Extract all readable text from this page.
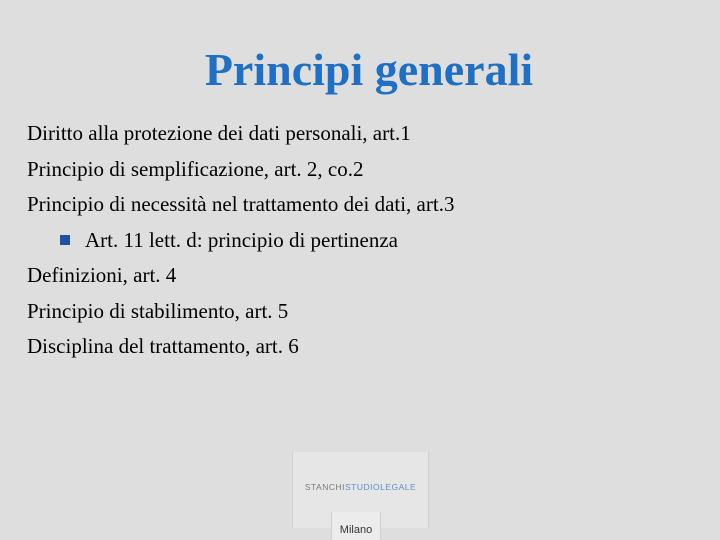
Principi generali
Diritto alla protezione dei dati personali, art.1
Principio di semplificazione, art. 2, co.2
Principio di necessità nel trattamento dei dati, art.3
Art. 11 lett. d: principio di pertinenza
Definizioni, art. 4
Principio di stabilimento, art. 5
Disciplina del trattamento, art. 6
STANCHISTUDIOLEGALE
Milano
